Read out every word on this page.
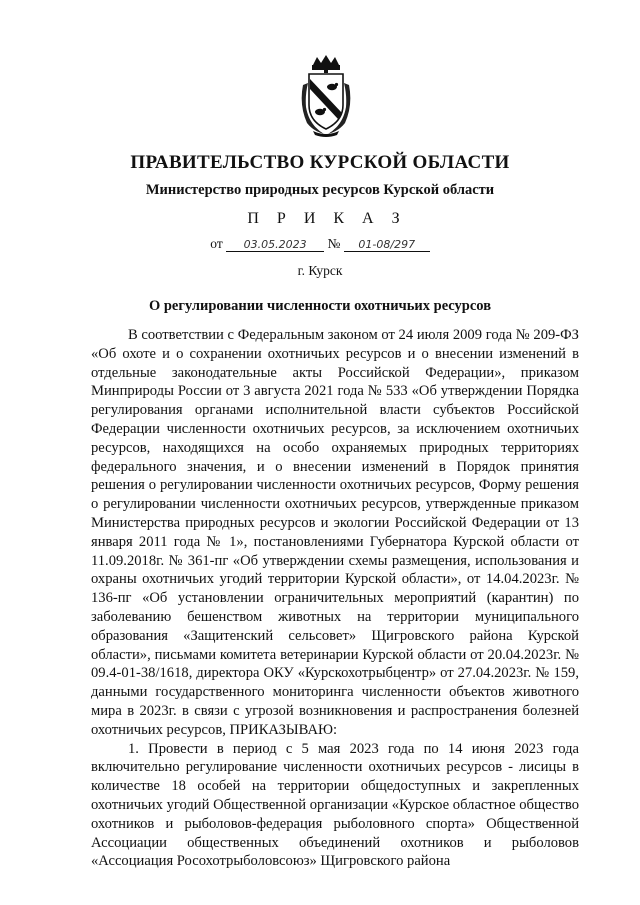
ПРАВИТЕЛЬСТВО КУРСКОЙ ОБЛАСТИ
Министерство природных ресурсов Курской области
П Р И К А З
от 03.05.2023 № 01-08/297
г. Курск
О регулировании численности охотничьих ресурсов

В соответствии с Федеральным законом от 24 июля 2009 года № 209-ФЗ «Об охоте и о сохранении охотничьих ресурсов и о внесении изменений в отдельные законодательные акты Российской Федерации», приказом Минприроды России от 3 августа 2021 года № 533 «Об утверждении Порядка регулирования органами исполнительной власти субъектов Российской Федерации численности охотничьих ресурсов, за исключением охотничьих ресурсов, находящихся на особо охраняемых природных территориях федерального значения, и о внесении изменений в Порядок принятия решения о регулировании численности охотничьих ресурсов, Форму решения о регулировании численности охотничьих ресурсов, утвержденные приказом Министерства природных ресурсов и экологии Российской Федерации от 13 января 2011 года № 1», постановлениями Губернатора Курской области от 11.09.2018г. № 361-пг «Об утверждении схемы размещения, использования и охраны охотничьих угодий территории Курской области», от 14.04.2023г. № 136-пг «Об установлении ограничительных мероприятий (карантин) по заболеванию бешенством животных на территории муниципального образования «Защитенский сельсовет» Щигровского района Курской области», письмами комитета ветеринарии Курской области от 20.04.2023г. № 09.4-01-38/1618, директора ОКУ «Курскохотрыбцентр» от 27.04.2023г. № 159, данными государственного мониторинга численности объектов животного мира в 2023г. в связи с угрозой возникновения и распространения болезней охотничьих ресурсов, ПРИКАЗЫВАЮ:

1. Провести в период с 5 мая 2023 года по 14 июня 2023 года включительно регулирование численности охотничьих ресурсов - лисицы в количестве 18 особей на территории общедоступных и закрепленных охотничьих угодий Общественной организации «Курское областное общество охотников и рыболовов-федерация рыболовного спорта» Общественной Ассоциации общественных объединений охотников и рыболовов «Ассоциация Росохотрыболовсоюз» Щигровского района
